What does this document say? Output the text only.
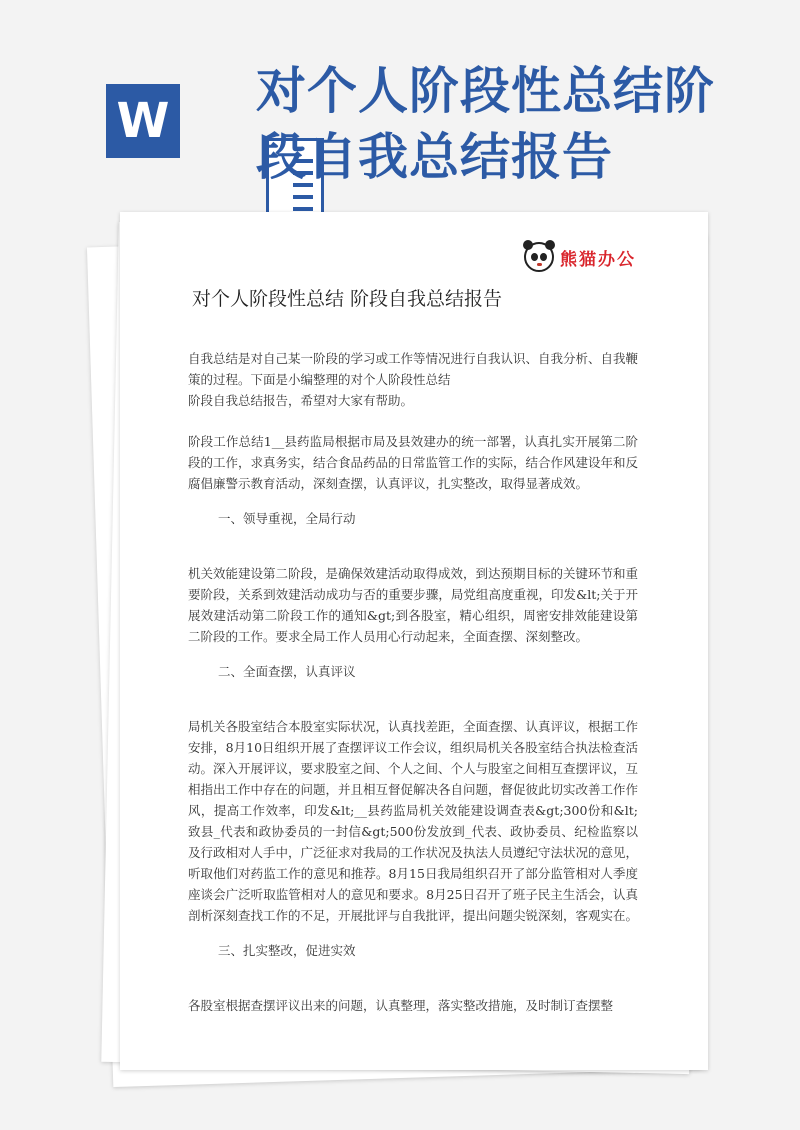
W
对个人阶段性总结阶段自我总结报告
熊猫办公
对个人阶段性总结 阶段自我总结报告

自我总结是对自己某一阶段的学习或工作等情况进行自我认识、自我分析、自我鞭策的过程。下面是小编整理的对个人阶段性总结

阶段自我总结报告，希望对大家有帮助。

阶段工作总结1__县药监局根据市局及县效建办的统一部署，认真扎实开展第二阶段的工作，求真务实，结合食品药品的日常监管工作的实际，结合作风建设年和反腐倡廉警示教育活动，深刻查摆，认真评议，扎实整改，取得显著成效。

一、领导重视，全局行动

机关效能建设第二阶段，是确保效建活动取得成效，到达预期目标的关键环节和重要阶段，关系到效建活动成功与否的重要步骤，局党组高度重视，印发&lt;关于开展效建活动第二阶段工作的通知&gt;到各股室，精心组织，周密安排效能建设第二阶段的工作。要求全局工作人员用心行动起来，全面查摆、深刻整改。

二、全面查摆，认真评议

局机关各股室结合本股室实际状况，认真找差距，全面查摆、认真评议，根据工作安排，8月10日组织开展了查摆评议工作会议，组织局机关各股室结合执法检查活动。深入开展评议，要求股室之间、个人之间、个人与股室之间相互查摆评议，互相指出工作中存在的问题，并且相互督促解决各自问题，督促彼此切实改善工作作风，提高工作效率，印发&lt;__县药监局机关效能建设调查表&gt;300份和&lt;致县_代表和政协委员的一封信&gt;500份发放到_代表、政协委员、纪检监察以及行政相对人手中，广泛征求对我局的工作状况及执法人员遵纪守法状况的意见，听取他们对药监工作的意见和推荐。8月15日我局组织召开了部分监管相对人季度座谈会广泛听取监管相对人的意见和要求。8月25日召开了班子民主生活会，认真剖析深刻查找工作的不足，开展批评与自我批评，提出问题尖锐深刻，客观实在。

三、扎实整改，促进实效

各股室根据查摆评议出来的问题，认真整理，落实整改措施，及时制订查摆整
